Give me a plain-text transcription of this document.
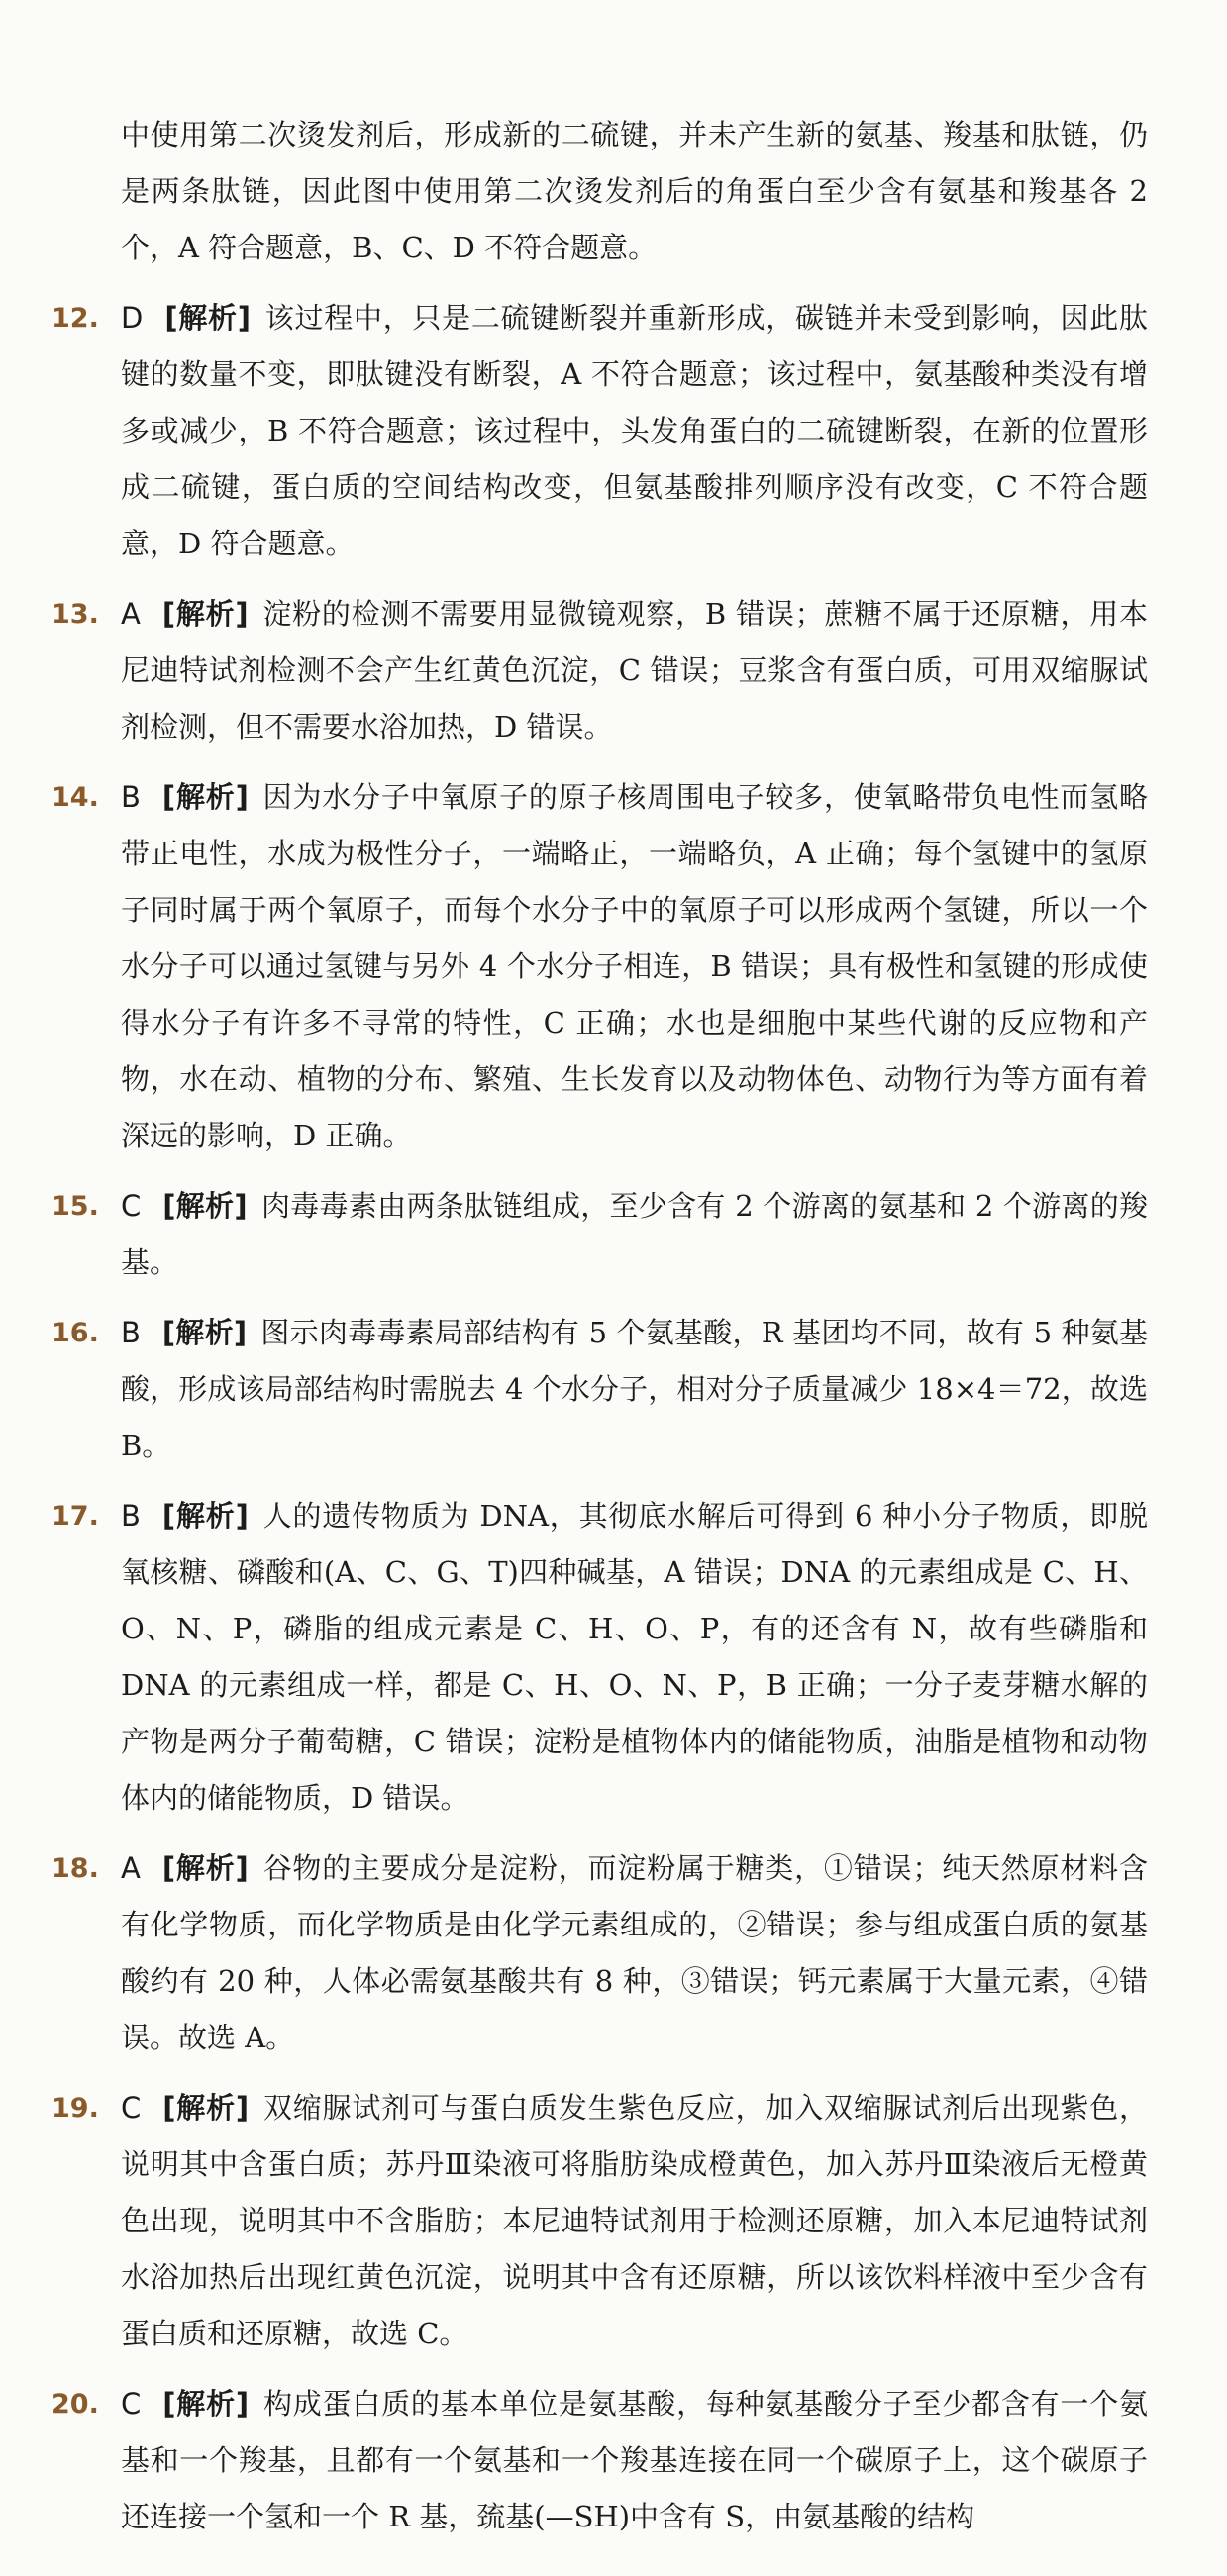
中使用第二次烫发剂后，形成新的二硫键，并未产生新的氨基、羧基和肽链，仍是两条肽链，因此图中使用第二次烫发剂后的角蛋白至少含有氨基和羧基各 2 个，A 符合题意，B、C、D 不符合题意。

12. D [解析] 该过程中，只是二硫键断裂并重新形成，碳链并未受到影响，因此肽键的数量不变，即肽键没有断裂，A 不符合题意；该过程中，氨基酸种类没有增多或减少，B 不符合题意；该过程中，头发角蛋白的二硫键断裂，在新的位置形成二硫键，蛋白质的空间结构改变，但氨基酸排列顺序没有改变，C 不符合题意，D 符合题意。

13. A [解析] 淀粉的检测不需要用显微镜观察，B 错误；蔗糖不属于还原糖，用本尼迪特试剂检测不会产生红黄色沉淀，C 错误；豆浆含有蛋白质，可用双缩脲试剂检测，但不需要水浴加热，D 错误。

14. B [解析] 因为水分子中氧原子的原子核周围电子较多，使氧略带负电性而氢略带正电性，水成为极性分子，一端略正，一端略负，A 正确；每个氢键中的氢原子同时属于两个氧原子，而每个水分子中的氧原子可以形成两个氢键，所以一个水分子可以通过氢键与另外 4 个水分子相连，B 错误；具有极性和氢键的形成使得水分子有许多不寻常的特性，C 正确；水也是细胞中某些代谢的反应物和产物，水在动、植物的分布、繁殖、生长发育以及动物体色、动物行为等方面有着深远的影响，D 正确。

15. C [解析] 肉毒毒素由两条肽链组成，至少含有 2 个游离的氨基和 2 个游离的羧基。

16. B [解析] 图示肉毒毒素局部结构有 5 个氨基酸，R 基团均不同，故有 5 种氨基酸，形成该局部结构时需脱去 4 个水分子，相对分子质量减少 18×4＝72，故选 B。

17. B [解析] 人的遗传物质为 DNA，其彻底水解后可得到 6 种小分子物质，即脱氧核糖、磷酸和(A、C、G、T)四种碱基，A 错误；DNA 的元素组成是 C、H、O、N、P，磷脂的组成元素是 C、H、O、P，有的还含有 N，故有些磷脂和 DNA 的元素组成一样，都是 C、H、O、N、P，B 正确；一分子麦芽糖水解的产物是两分子葡萄糖，C 错误；淀粉是植物体内的储能物质，油脂是植物和动物体内的储能物质，D 错误。

18. A [解析] 谷物的主要成分是淀粉，而淀粉属于糖类，①错误；纯天然原材料含有化学物质，而化学物质是由化学元素组成的，②错误；参与组成蛋白质的氨基酸约有 20 种，人体必需氨基酸共有 8 种，③错误；钙元素属于大量元素，④错误。故选 A。

19. C [解析] 双缩脲试剂可与蛋白质发生紫色反应，加入双缩脲试剂后出现紫色，说明其中含蛋白质；苏丹Ⅲ染液可将脂肪染成橙黄色，加入苏丹Ⅲ染液后无橙黄色出现，说明其中不含脂肪；本尼迪特试剂用于检测还原糖，加入本尼迪特试剂水浴加热后出现红黄色沉淀，说明其中含有还原糖，所以该饮料样液中至少含有蛋白质和还原糖，故选 C。

20. C [解析] 构成蛋白质的基本单位是氨基酸，每种氨基酸分子至少都含有一个氨基和一个羧基，且都有一个氨基和一个羧基连接在同一个碳原子上，这个碳原子还连接一个氢和一个 R 基，巯基(—SH)中含有 S，由氨基酸的结构
